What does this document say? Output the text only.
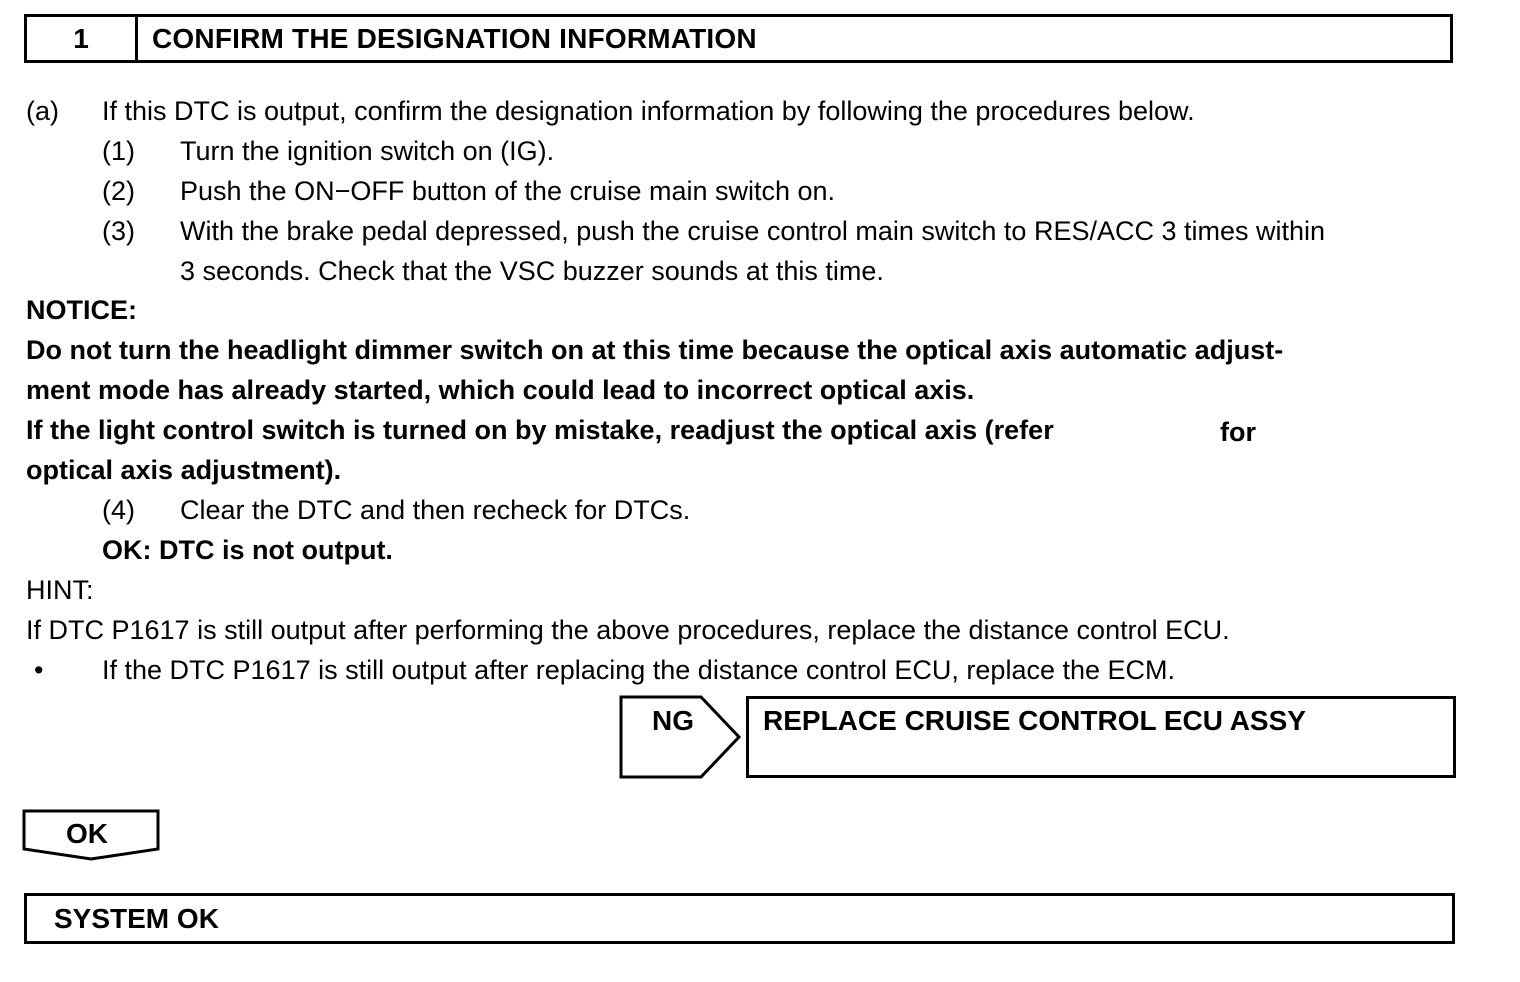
1	CONFIRM THE DESIGNATION INFORMATION
(a) If this DTC is output, confirm the designation information by following the procedures below.
(1) Turn the ignition switch on (IG).
(2) Push the ON−OFF button of the cruise main switch on.
(3) With the brake pedal depressed, push the cruise control main switch to RES/ACC 3 times within
3 seconds. Check that the VSC buzzer sounds at this time.
NOTICE:
Do not turn the headlight dimmer switch on at this time because the optical axis automatic adjust-
ment mode has already started, which could lead to incorrect optical axis.
If the light control switch is turned on by mistake, readjust the optical axis (refer	for
optical axis adjustment).
(4) Clear the DTC and then recheck for DTCs.
OK: DTC is not output.
HINT:
If DTC P1617 is still output after performing the above procedures, replace the distance control ECU.
• If the DTC P1617 is still output after replacing the distance control ECU, replace the ECM.
NG REPLACE CRUISE CONTROL ECU ASSY
OK
SYSTEM OK
